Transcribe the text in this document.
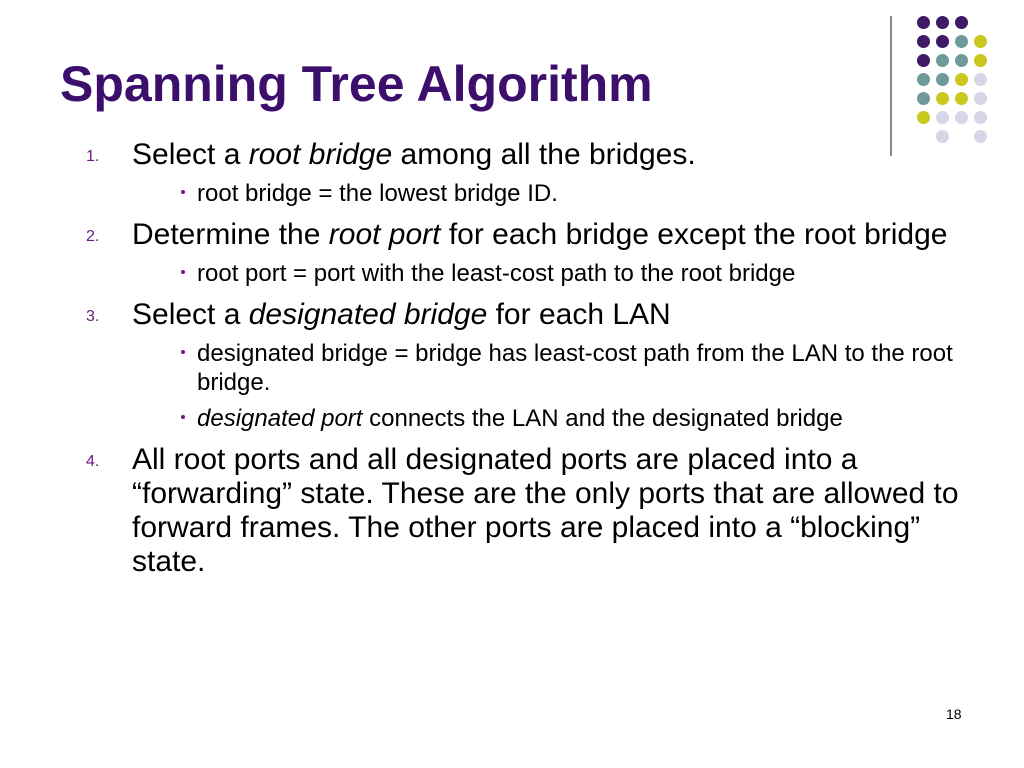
Spanning Tree Algorithm
1. Select a root bridge among all the bridges.
root bridge = the lowest bridge ID.
2. Determine the root port for each bridge except the root bridge
root port = port with the least-cost path to the root bridge
3. Select a designated bridge for each LAN
designated bridge = bridge has least-cost path from the LAN to the root bridge.
designated port connects the LAN and the designated bridge
4. All root ports and all designated ports are placed into a “forwarding” state. These are the only ports that are allowed to forward frames. The other ports are placed into a “blocking” state.
18
